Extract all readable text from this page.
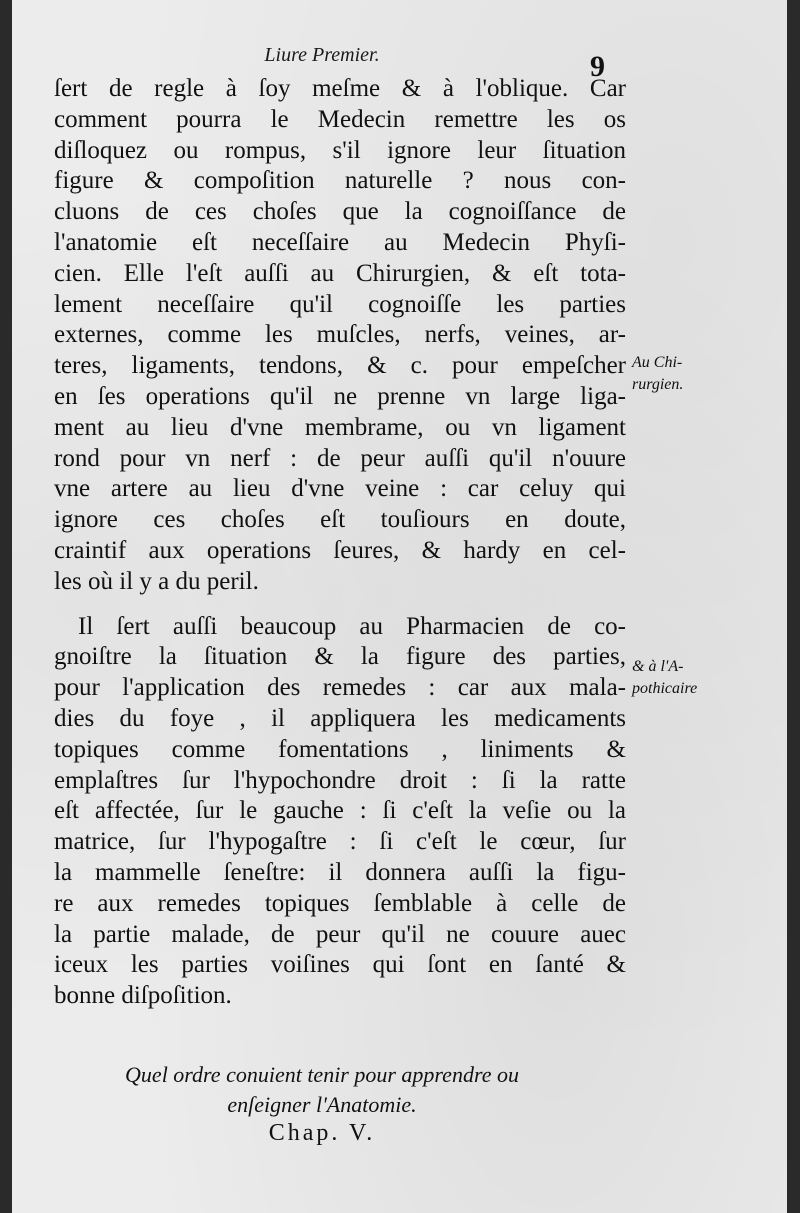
Liure Premier.	9
ſert de regle à ſoy meſme & à l'oblique. Car
comment pourra le Medecin remettre les os
diſloquez ou rompus, s'il ignore leur ſituation
figure & compoſition naturelle ? nous con-
cluons de ces choſes que la cognoiſſance de
l'anatomie eſt neceſſaire au Medecin Phyſi-
cien. Elle l'eſt auſſi au Chirurgien, & eſt tota-
lement neceſſaire qu'il cognoiſſe les parties
externes, comme les muſcles, nerfs, veines, ar-
teres, ligaments, tendons, & c. pour empeſcher
en ſes operations qu'il ne prenne vn large liga-
ment au lieu d'vne membrame, ou vn ligament
rond pour vn nerf : de peur auſſi qu'il n'ouure
vne artere au lieu d'vne veine : car celuy qui
ignore ces choſes eſt touſiours en doute,
craintif aux operations ſeures, & hardy en cel-
les où il y a du peril.
Il ſert auſſi beaucoup au Pharmacien de co-
gnoiſtre la ſituation & la figure des parties,
pour l'application des remedes : car aux mala-
dies du foye , il appliquera les medicaments
topiques comme fomentations , liniments &
emplaſtres ſur l'hypochondre droit : ſi la ratte
eſt affectée, ſur le gauche : ſi c'eſt la veſie ou la
matrice, ſur l'hypogaſtre : ſi c'eſt le cœur, ſur
la mammelle ſeneſtre: il donnera auſſi la figu-
re aux remedes topiques ſemblable à celle de
la partie malade, de peur qu'il ne couure auec
iceux les parties voiſines qui ſont en ſanté &
bonne diſpoſition.
Au Chi-
rurgien.
& à l'A-
pothicaire
Quel ordre conuient tenir pour apprendre ou
enſeigner l'Anatomie.
Chap. V.
